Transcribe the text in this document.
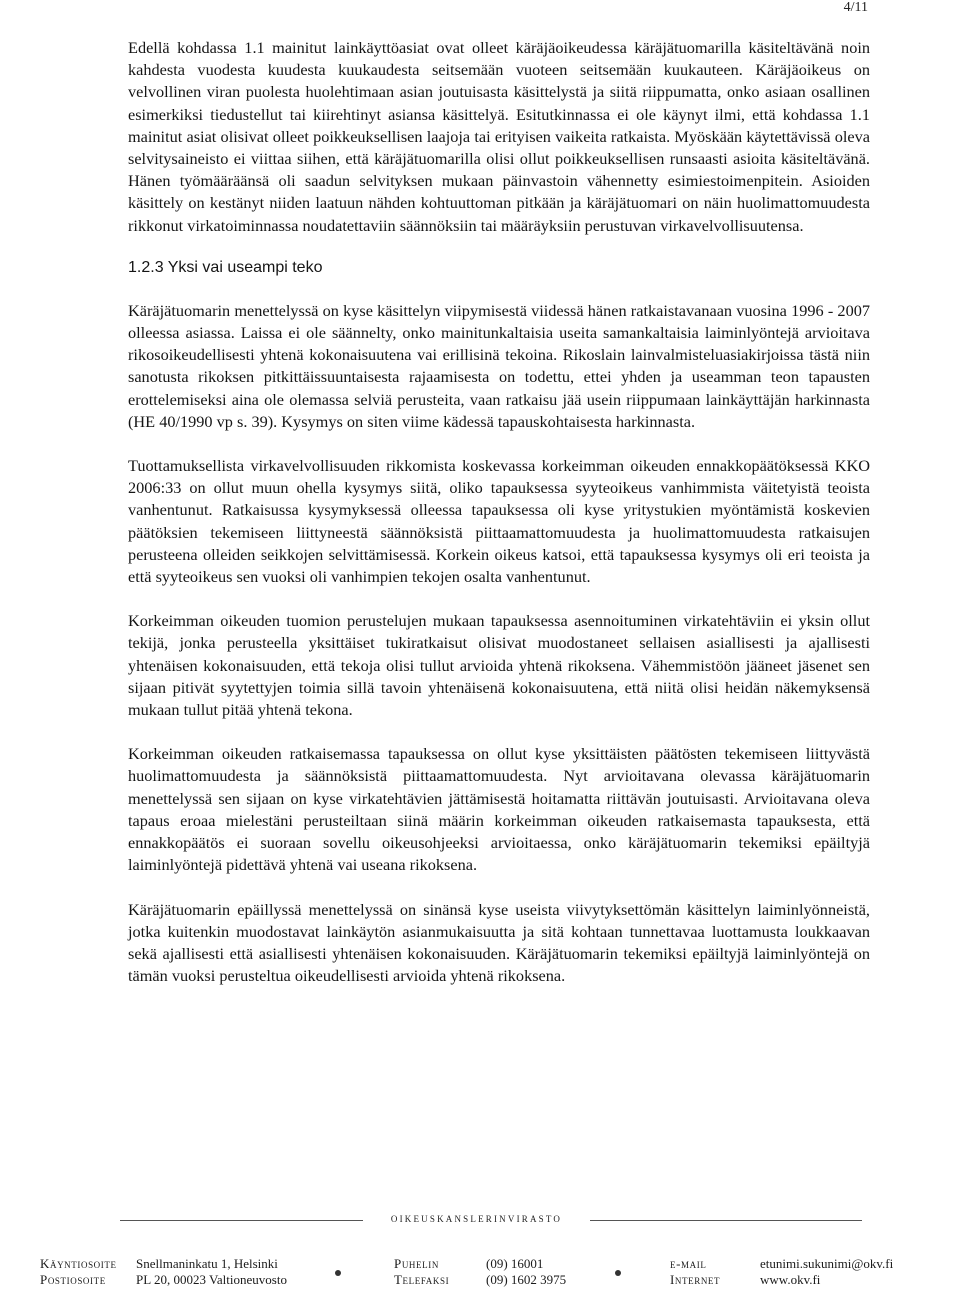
4/11

Edellä kohdassa 1.1 mainitut lainkäyttöasiat ovat olleet käräjäoikeudessa käräjätuomarilla käsiteltävänä noin kahdesta vuodesta kuudesta kuukaudesta seitsemään vuoteen seitsemään kuukauteen. Käräjäoikeus on velvollinen viran puolesta huolehtimaan asian joutuisasta käsittelystä ja siitä riippumatta, onko asiaan osallinen esimerkiksi tiedustellut tai kiirehtinyt asiansa käsittelyä. Esitutkinnassa ei ole käynyt ilmi, että kohdassa 1.1 mainitut asiat olisivat olleet poikkeuksellisen laajoja tai erityisen vaikeita ratkaista. Myöskään käytettävissä oleva selvitysaineisto ei viittaa siihen, että käräjätuomarilla olisi ollut poikkeuksellisen runsaasti asioita käsiteltävänä. Hänen työmääräänsä oli saadun selvityksen mukaan päinvastoin vähennetty esimiestoimenpitein. Asioiden käsittely on kestänyt niiden laatuun nähden kohtuuttoman pitkään ja käräjätuomari on näin huolimattomuudesta rikkonut virkatoiminnassa noudatettaviin säännöksiin tai määräyksiin perustuvan virkavelvollisuutensa.

1.2.3 Yksi vai useampi teko

Käräjätuomarin menettelyssä on kyse käsittelyn viipymisestä viidessä hänen ratkaistavanaan vuosina 1996 - 2007 olleessa asiassa. Laissa ei ole säännelty, onko mainitunkaltaisia useita samankaltaisia laiminlyöntejä arvioitava rikosoikeudellisesti yhtenä kokonaisuutena vai erillisinä tekoina. Rikoslain lainvalmisteluasiakirjoissa tästä niin sanotusta rikoksen pitkittäissuuntaisesta rajaamisesta on todettu, ettei yhden ja useamman teon tapausten erottelemiseksi aina ole olemassa selviä perusteita, vaan ratkaisu jää usein riippumaan lainkäyttäjän harkinnasta (HE 40/1990 vp s. 39). Kysymys on siten viime kädessä tapauskohtaisesta harkinnasta.

Tuottamuksellista virkavelvollisuuden rikkomista koskevassa korkeimman oikeuden ennakkopäätöksessä KKO 2006:33 on ollut muun ohella kysymys siitä, oliko tapauksessa syyteoikeus vanhimmista väitetyistä teoista vanhentunut. Ratkaisussa kysymyksessä olleessa tapauksessa oli kyse yritystukien myöntämistä koskevien päätöksien tekemiseen liittyneestä säännöksistä piittaamattomuudesta ja huolimattomuudesta ratkaisujen perusteena olleiden seikkojen selvittämisessä. Korkein oikeus katsoi, että tapauksessa kysymys oli eri teoista ja että syyteoikeus sen vuoksi oli vanhimpien tekojen osalta vanhentunut.

Korkeimman oikeuden tuomion perustelujen mukaan tapauksessa asennoituminen virkatehtäviin ei yksin ollut tekijä, jonka perusteella yksittäiset tukiratkaisut olisivat muodostaneet sellaisen asiallisesti ja ajallisesti yhtenäisen kokonaisuuden, että tekoja olisi tullut arvioida yhtenä rikoksena. Vähemmistöön jääneet jäsenet sen sijaan pitivät syytettyjen toimia sillä tavoin yhtenäisenä kokonaisuutena, että niitä olisi heidän näkemyksensä mukaan tullut pitää yhtenä tekona.

Korkeimman oikeuden ratkaisemassa tapauksessa on ollut kyse yksittäisten päätösten tekemiseen liittyvästä huolimattomuudesta ja säännöksistä piittaamattomuudesta. Nyt arvioitavana olevassa käräjätuomarin menettelyssä sen sijaan on kyse virkatehtävien jättämisestä hoitamatta riittävän joutuisasti. Arvioitavana oleva tapaus eroaa mielestäni perusteiltaan siinä määrin korkeimman oikeuden ratkaisemasta tapauksesta, että ennakkopäätös ei suoraan sovellu oikeusohjeeksi arvioitaessa, onko käräjätuomarin tekemiksi epäiltyjä laiminlyöntejä pidettävä yhtenä vai useana rikoksena.

Käräjätuomarin epäillyssä menettelyssä on sinänsä kyse useista viivytyksettömän käsittelyn laiminlyönneistä, jotka kuitenkin muodostavat lainkäytön asianmukaisuutta ja sitä kohtaan tunnettavaa luottamusta loukkaavan sekä ajallisesti että asiallisesti yhtenäisen kokonaisuuden. Käräjätuomarin tekemiksi epäiltyjä laiminlyöntejä on tämän vuoksi perusteltua oikeudellisesti arvioida yhtenä rikoksena.

oikeuskanslerinvirasto
Käyntiosoite Snellmaninkatu 1, Helsinki
Postiosoite PL 20, 00023 Valtioneuvosto
Puhelin	(09) 16001
Telefaksi	(09) 1602 3975
e-mail	etunimi.sukunimi@okv.fi
Internet	www.okv.fi
